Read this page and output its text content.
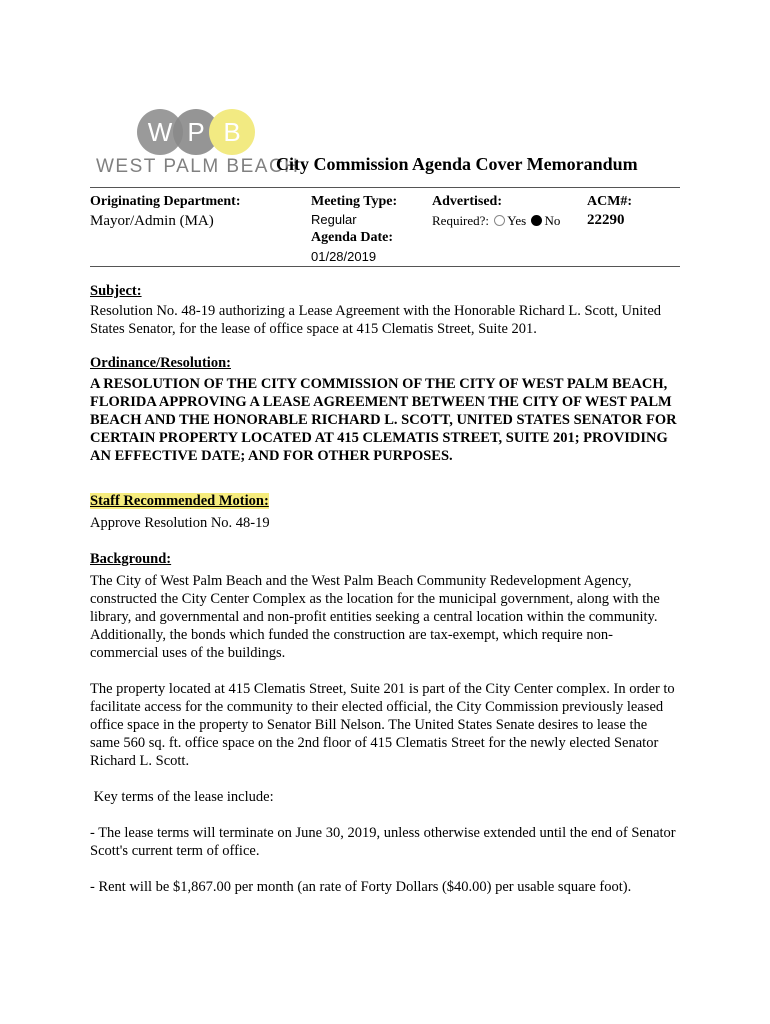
W P B
WEST PALM BEACH
City Commission Agenda Cover Memorandum
Originating Department:
Mayor/Admin (MA)
Meeting Type:
Regular
Agenda Date:
01/28/2019
Advertised:
Required?: Yes No
ACM#:
22290

Subject:

Resolution No. 48-19 authorizing a Lease Agreement with the Honorable Richard L. Scott, United States Senator, for the lease of office space at 415 Clematis Street, Suite 201.

Ordinance/Resolution:

A RESOLUTION OF THE CITY COMMISSION OF THE CITY OF WEST PALM BEACH, FLORIDA APPROVING A LEASE AGREEMENT BETWEEN THE CITY OF WEST PALM BEACH AND THE HONORABLE RICHARD L. SCOTT, UNITED STATES SENATOR FOR CERTAIN PROPERTY LOCATED AT 415 CLEMATIS STREET, SUITE 201; PROVIDING AN EFFECTIVE DATE; AND FOR OTHER PURPOSES.

Staff Recommended Motion:

Approve Resolution No. 48-19

Background:

The City of West Palm Beach and the West Palm Beach Community Redevelopment Agency, constructed the City Center Complex as the location for the municipal government, along with the library, and governmental and non-profit entities seeking a central location within the community. Additionally, the bonds which funded the construction are tax-exempt, which require non-commercial uses of the buildings.

The property located at 415 Clematis Street, Suite 201 is part of the City Center complex. In order to facilitate access for the community to their elected official, the City Commission previously leased office space in the property to Senator Bill Nelson. The United States Senate desires to lease the same 560 sq. ft. office space on the 2nd floor of 415 Clematis Street for the newly elected Senator Richard L. Scott.

Key terms of the lease include:

- The lease terms will terminate on June 30, 2019, unless otherwise extended until the end of Senator Scott's current term of office.

- Rent will be $1,867.00 per month (an rate of Forty Dollars ($40.00) per usable square foot).
